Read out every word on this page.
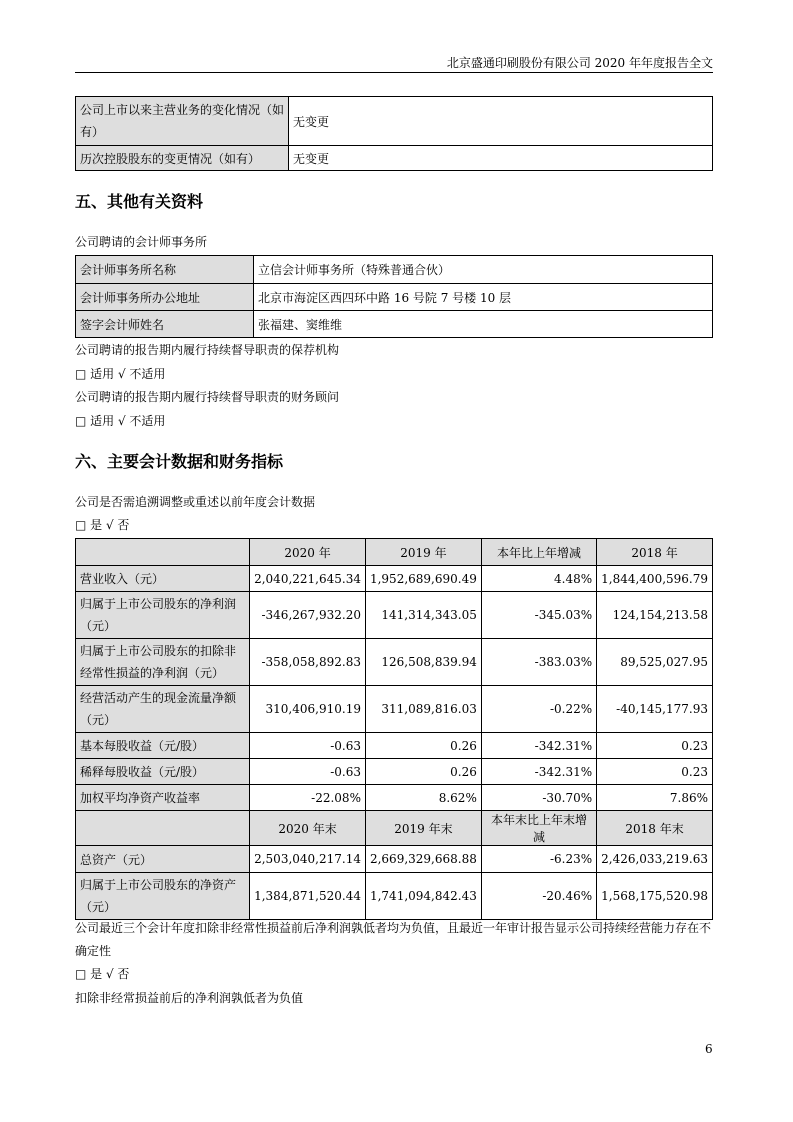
北京盛通印刷股份有限公司 2020 年年度报告全文
公司上市以来主营业务的变化情况（如有）	无变更
历次控股股东的变更情况（如有）	无变更
五、其他有关资料
公司聘请的会计师事务所
会计师事务所名称	立信会计师事务所（特殊普通合伙）
会计师事务所办公地址	北京市海淀区西四环中路 16 号院 7 号楼 10 层
签字会计师姓名	张福建、窦维维
公司聘请的报告期内履行持续督导职责的保荐机构
□ 适用 √ 不适用
公司聘请的报告期内履行持续督导职责的财务顾问
□ 适用 √ 不适用
六、主要会计数据和财务指标
公司是否需追溯调整或重述以前年度会计数据
□ 是 √ 否
	2020 年	2019 年	本年比上年增减	2018 年
营业收入（元）	2,040,221,645.34	1,952,689,690.49	4.48%	1,844,400,596.79
归属于上市公司股东的净利润（元）	-346,267,932.20	141,314,343.05	-345.03%	124,154,213.58
归属于上市公司股东的扣除非经常性损益的净利润（元）	-358,058,892.83	126,508,839.94	-383.03%	89,525,027.95
经营活动产生的现金流量净额（元）	310,406,910.19	311,089,816.03	-0.22%	-40,145,177.93
基本每股收益（元/股）	-0.63	0.26	-342.31%	0.23
稀释每股收益（元/股）	-0.63	0.26	-342.31%	0.23
加权平均净资产收益率	-22.08%	8.62%	-30.70%	7.86%
	2020 年末	2019 年末	本年末比上年末增减	2018 年末
总资产（元）	2,503,040,217.14	2,669,329,668.88	-6.23%	2,426,033,219.63
归属于上市公司股东的净资产（元）	1,384,871,520.44	1,741,094,842.43	-20.46%	1,568,175,520.98
公司最近三个会计年度扣除非经常性损益前后净利润孰低者均为负值，且最近一年审计报告显示公司持续经营能力存在不确定性
□ 是 √ 否
扣除非经常损益前后的净利润孰低者为负值
6
